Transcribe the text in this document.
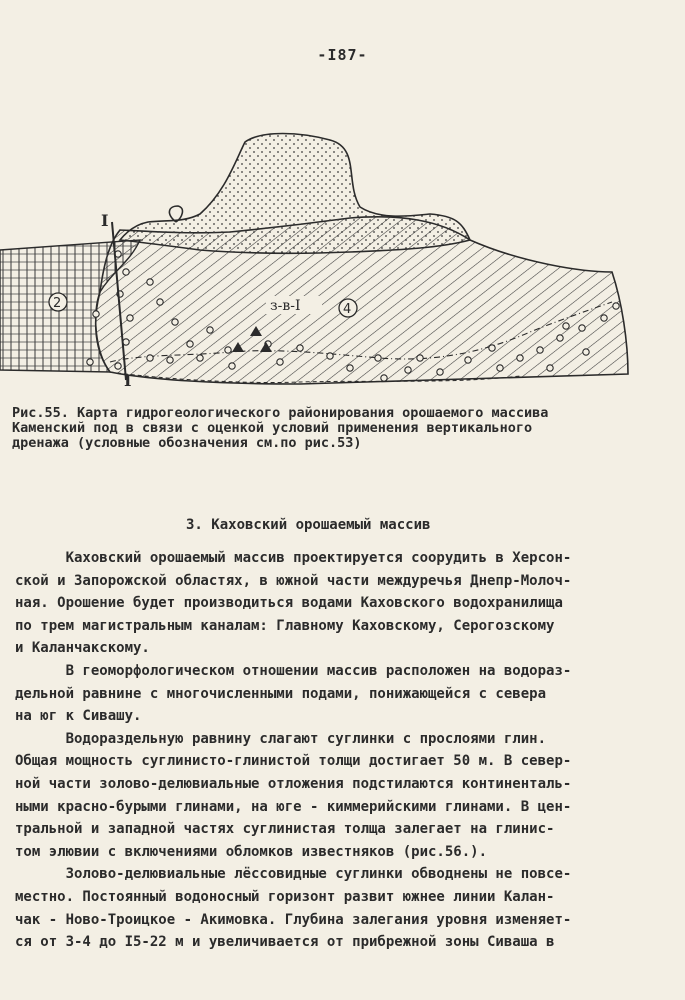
-I87-
I
I
2	4
з-в-I
Рис.55. Карта гидрогеологического районирования орошаемого массива
Каменский под в связи с оценкой условий применения вертикального
дренажа (условные обозначения см.по рис.53)
3. Каховский орошаемый массив
Каховский орошаемый массив проектируется соорудить в Херсон-
ской и Запорожской областях, в южной части междуречья Днепр-Молоч-
ная. Орошение будет производиться водами Каховского водохранилища
по трем магистральным каналам: Главному Каховскому, Серогозскому
и Каланчакскому.
В геоморфологическом отношении массив расположен на водораз-
дельной равнине с многочисленными подами, понижающейся с севера
на юг к Сивашу.
Водораздельную равнину слагают суглинки с прослоями глин.
Общая мощность суглинисто-глинистой толщи достигает 50 м. В север-
ной части золово-делювиальные отложения подстилаются континенталь-
ными красно-бурыми глинами, на юге - киммерийскими глинами. В цен-
тральной и западной частях суглинистая толща залегает на глинис-
том элювии с включениями обломков известняков (рис.56.).
Золово-делювиальные лёссовидные суглинки обводнены не повсе-
местно. Постоянный водоносный горизонт развит южнее линии Калан-
чак - Ново-Троицкое - Акимовка. Глубина залегания уровня изменяет-
ся от 3-4 до I5-22 м и увеличивается от прибрежной зоны Сиваша в
